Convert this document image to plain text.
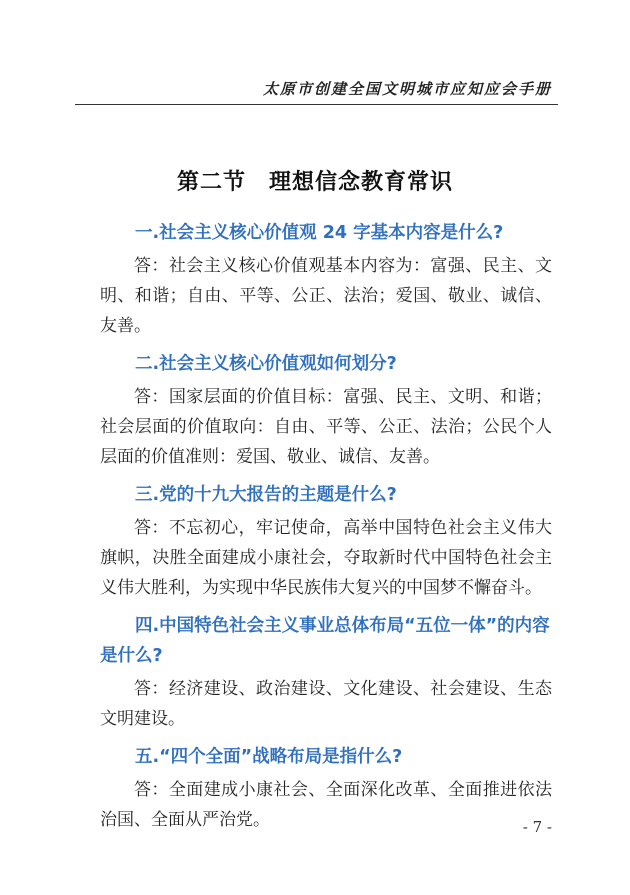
太原市创建全国文明城市应知应会手册
第二节　理想信念教育常识

一.社会主义核心价值观 24 字基本内容是什么?

答：社会主义核心价值观基本内容为：富强、民主、文明、和谐；自由、平等、公正、法治；爱国、敬业、诚信、友善。

二.社会主义核心价值观如何划分?

答：国家层面的价值目标：富强、民主、文明、和谐；社会层面的价值取向：自由、平等、公正、法治；公民个人层面的价值准则：爱国、敬业、诚信、友善。

三.党的十九大报告的主题是什么?

答：不忘初心，牢记使命，高举中国特色社会主义伟大旗帜，决胜全面建成小康社会，夺取新时代中国特色社会主义伟大胜利，为实现中华民族伟大复兴的中国梦不懈奋斗。

四.中国特色社会主义事业总体布局“五位一体”的内容是什么?

答：经济建设、政治建设、文化建设、社会建设、生态文明建设。

五.“四个全面”战略布局是指什么?

答：全面建成小康社会、全面深化改革、全面推进依法治国、全面从严治党。	- 7 -
